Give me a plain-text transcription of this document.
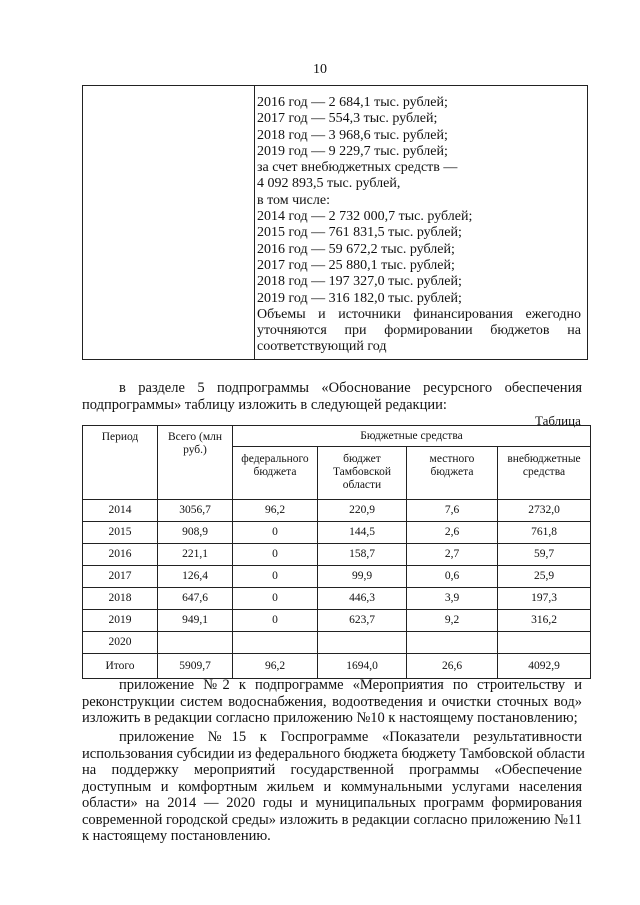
10
2016 год — 2 684,1 тыс. рублей;
2017 год — 554,3 тыс. рублей;
2018 год — 3 968,6 тыс. рублей;
2019 год — 9 229,7 тыс. рублей;
за счет внебюджетных средств —
4 092 893,5 тыс. рублей,
в том числе:
2014 год — 2 732 000,7 тыс. рублей;
2015 год — 761 831,5 тыс. рублей;
2016 год — 59 672,2 тыс. рублей;
2017 год — 25 880,1 тыс. рублей;
2018 год — 197 327,0 тыс. рублей;
2019 год — 316 182,0 тыс. рублей;
Объемы и источники финансирования ежегодно
уточняются при формировании бюджетов на
соответствующий год
в разделе 5 подпрограммы «Обоснование ресурсного обеспечения
подпрограммы» таблицу изложить в следующей редакции:
Таблица
Период	Всего (млн руб.)	Бюджетные средства			
		федерального бюджета	бюджет Тамбовской области	местного бюджета	внебюджетные средства
2014	3056,7	96,2	220,9	7,6	2732,0
2015	908,9	0	144,5	2,6	761,8
2016	221,1	0	158,7	2,7	59,7
2017	126,4	0	99,9	0,6	25,9
2018	647,6	0	446,3	3,9	197,3
2019	949,1	0	623,7	9,2	316,2
2020					
Итого	5909,7	96,2	1694,0	26,6	4092,9
приложение №2 к подпрограмме «Мероприятия по строительству и
реконструкции систем водоснабжения, водоотведения и очистки сточных вод»
изложить в редакции согласно приложению №10 к настоящему постановлению;
приложение №15 к Госпрограмме «Показатели результативности
использования субсидии из федерального бюджета бюджету Тамбовской области
на поддержку мероприятий государственной программы «Обеспечение
доступным и комфортным жильем и коммунальными услугами населения
области» на 2014 — 2020 годы и муниципальных программ формирования
современной городской среды» изложить в редакции согласно приложению №11
к настоящему постановлению.
